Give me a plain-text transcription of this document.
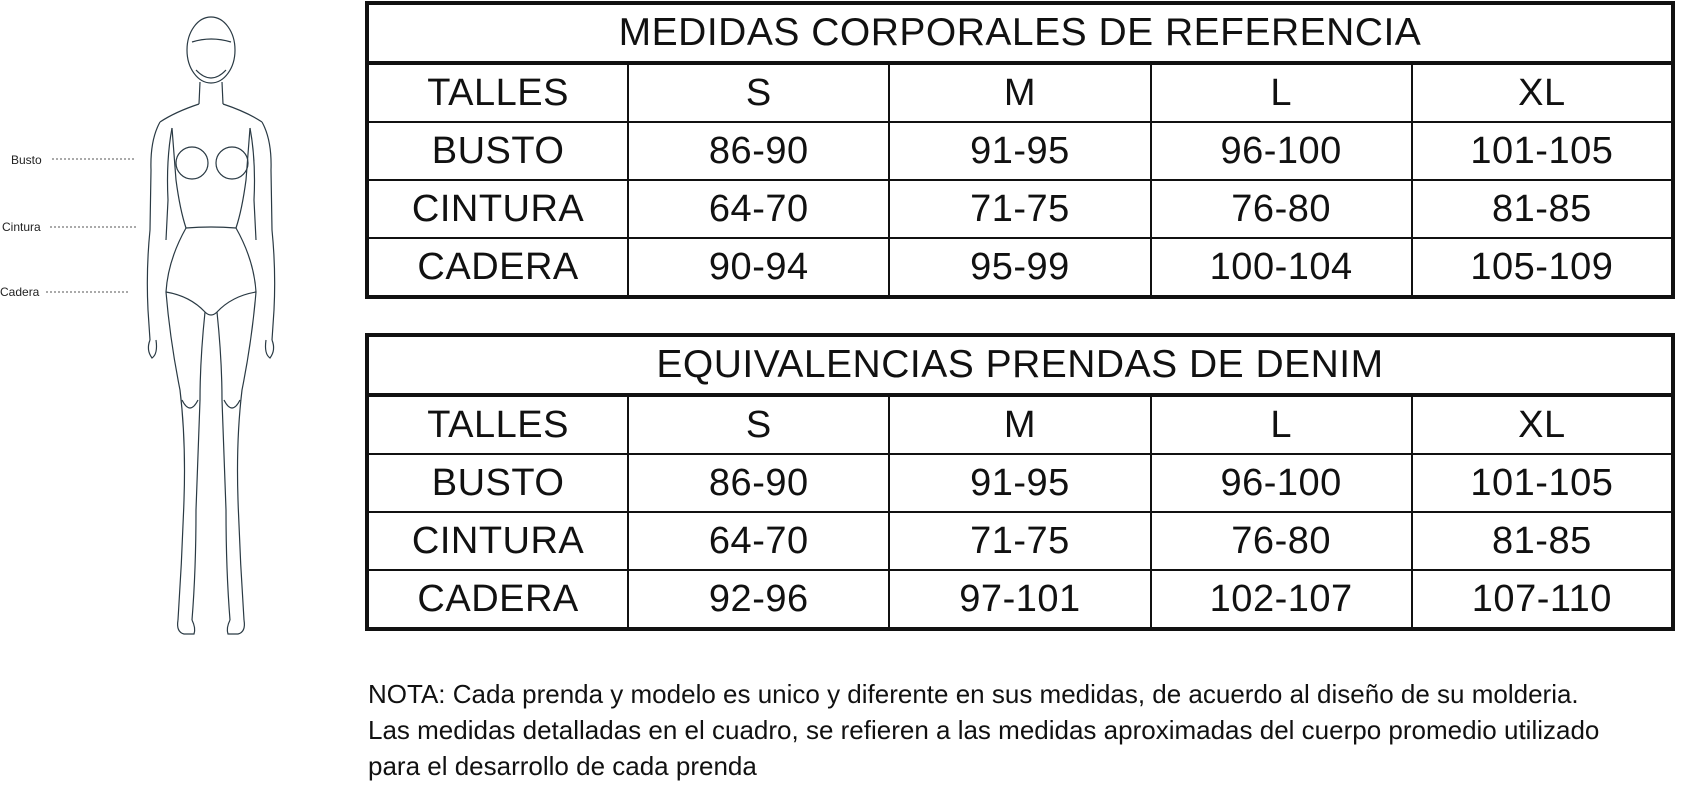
Busto
Cintura
Cadera
MEDIDAS CORPORALES DE REFERENCIA				
TALLES	S	M	L	XL
BUSTO	86-90	91-95	96-100	101-105
CINTURA	64-70	71-75	76-80	81-85
CADERA	90-94	95-99	100-104	105-109
EQUIVALENCIAS PRENDAS DE DENIM				
TALLES	S	M	L	XL
BUSTO	86-90	91-95	96-100	101-105
CINTURA	64-70	71-75	76-80	81-85
CADERA	92-96	97-101	102-107	107-110

NOTA: Cada prenda y modelo es unico y diferente en sus medidas, de acuerdo al diseño de su molderia.

Las medidas detalladas en el cuadro, se refieren a las medidas aproximadas del cuerpo promedio utilizado

para el desarrollo de cada prenda
